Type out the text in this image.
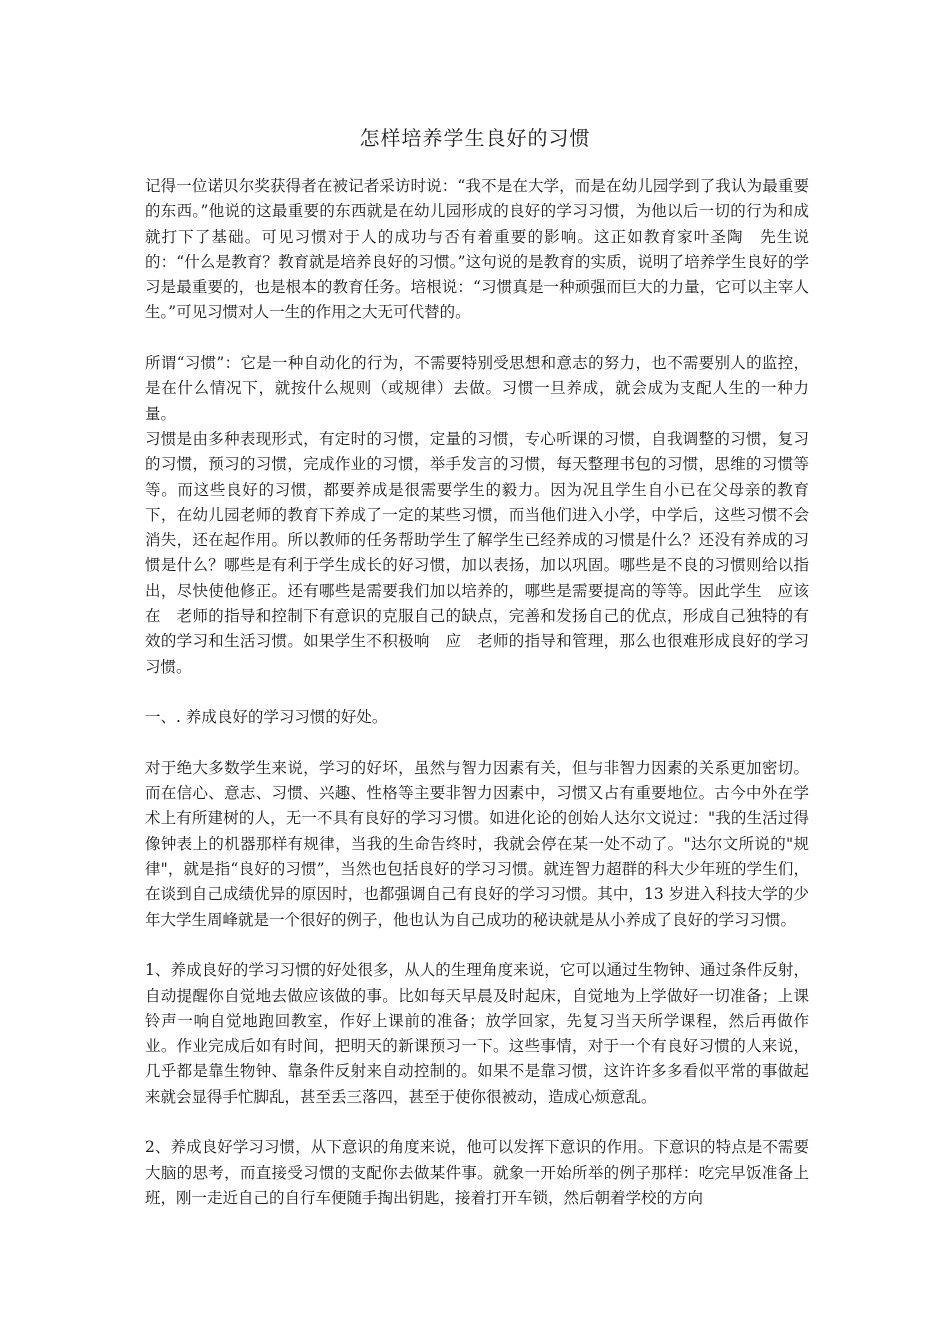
怎样培养学生良好的习惯

记得一位诺贝尔奖获得者在被记者采访时说：“我不是在大学，而是在幼儿园学到了我认为最重要的东西。”他说的这最重要的东西就是在幼儿园形成的良好的学习习惯，为他以后一切的行为和成就打下了基础。可见习惯对于人的成功与否有着重要的影响。这正如教育家叶圣陶　先生说的：“什么是教育？教育就是培养良好的习惯。”这句说的是教育的实质，说明了培养学生良好的学习是最重要的，也是根本的教育任务。培根说：“习惯真是一种顽强而巨大的力量，它可以主宰人生。”可见习惯对人一生的作用之大无可代替的。

所谓“习惯”：它是一种自动化的行为，不需要特别受思想和意志的努力，也不需要别人的监控，是在什么情况下，就按什么规则（或规律）去做。习惯一旦养成，就会成为支配人生的一种力量。

习惯是由多种表现形式，有定时的习惯，定量的习惯，专心听课的习惯，自我调整的习惯，复习的习惯，预习的习惯，完成作业的习惯，举手发言的习惯，每天整理书包的习惯，思维的习惯等等。而这些良好的习惯，都要养成是很需要学生的毅力。因为况且学生自小已在父母亲的教育下，在幼儿园老师的教育下养成了一定的某些习惯，而当他们进入小学，中学后，这些习惯不会消失，还在起作用。所以教师的任务帮助学生了解学生已经养成的习惯是什么？还没有养成的习惯是什么？哪些是有利于学生成长的好习惯，加以表扬，加以巩固。哪些是不良的习惯则给以指出，尽快使他修正。还有哪些是需要我们加以培养的，哪些是需要提高的等等。因此学生　应该在　老师的指导和控制下有意识的克服自己的缺点，完善和发扬自己的优点，形成自己独特的有效的学习和生活习惯。如果学生不积极响　应　老师的指导和管理，那么也很难形成良好的学习习惯。

一、. 养成良好的学习习惯的好处。

对于绝大多数学生来说，学习的好坏，虽然与智力因素有关，但与非智力因素的关系更加密切。而在信心、意志、习惯、兴趣、性格等主要非智力因素中，习惯又占有重要地位。古今中外在学术上有所建树的人，无一不具有良好的学习习惯。如进化论的创始人达尔文说过："我的生活过得像钟表上的机器那样有规律，当我的生命告终时，我就会停在某一处不动了。"达尔文所说的"规律"，就是指“良好的习惯”，当然也包括良好的学习习惯。就连智力超群的科大少年班的学生们，在谈到自己成绩优异的原因时，也都强调自己有良好的学习习惯。其中，13 岁进入科技大学的少年大学生周峰就是一个很好的例子，他也认为自己成功的秘诀就是从小养成了良好的学习习惯。

1、养成良好的学习习惯的好处很多，从人的生理角度来说，它可以通过生物钟、通过条件反射，自动提醒你自觉地去做应该做的事。比如每天早晨及时起床，自觉地为上学做好一切准备；上课铃声一响自觉地跑回教室，作好上课前的准备；放学回家，先复习当天所学课程，然后再做作业。作业完成后如有时间，把明天的新课预习一下。这些事情，对于一个有良好习惯的人来说，几乎都是靠生物钟、靠条件反射来自动控制的。如果不是靠习惯，这许许多多看似平常的事做起来就会显得手忙脚乱，甚至丢三落四，甚至于使你很被动，造成心烦意乱。

2、养成良好学习习惯，从下意识的角度来说，他可以发挥下意识的作用。下意识的特点是不需要大脑的思考，而直接受习惯的支配你去做某件事。就象一开始所举的例子那样：吃完早饭准备上班，刚一走近自己的自行车便随手掏出钥匙，接着打开车锁，然后朝着学校的方向
